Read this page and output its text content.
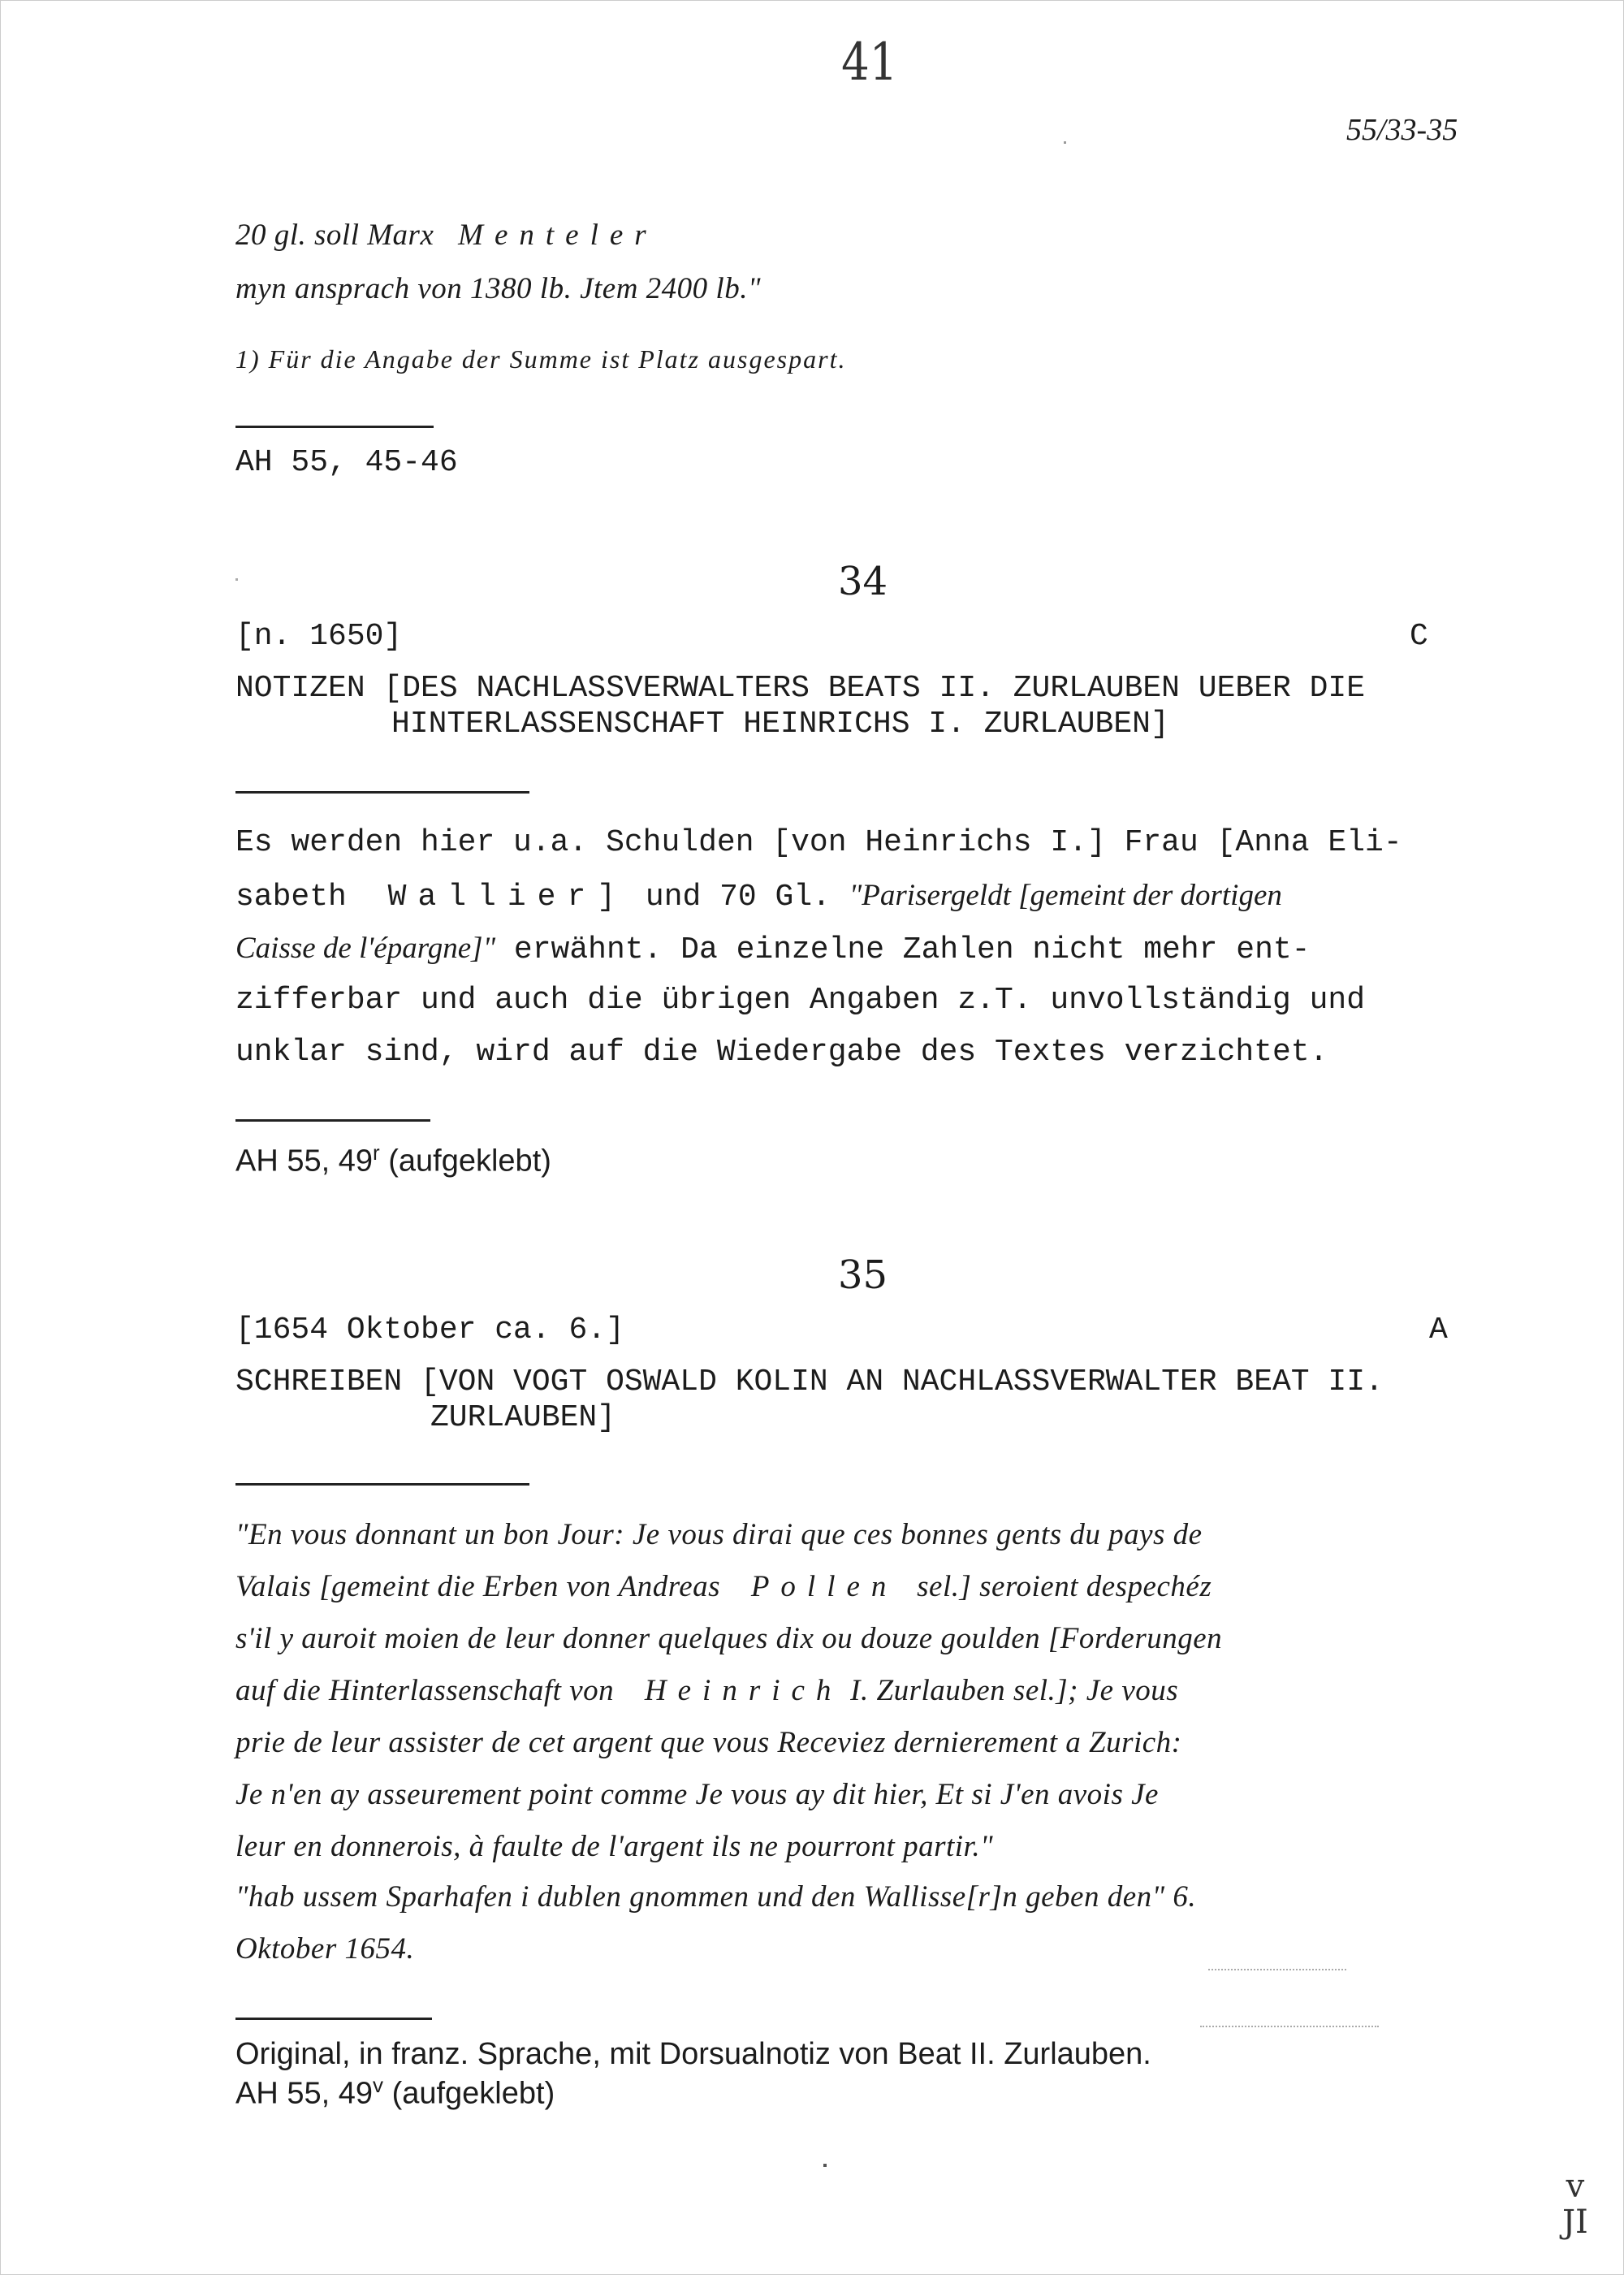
41
55/33-35
20 gl. soll Marx Menteler
myn ansprach von 1380 lb. Jtem 2400 lb."
1) Für die Angabe der Summe ist Platz ausgespart.
AH 55, 45-46
34
[n. 1650]	C
NOTIZEN [DES NACHLASSVERWALTERS BEATS II. ZURLAUBEN UEBER DIE
HINTERLASSENSCHAFT HEINRICHS I. ZURLAUBEN]
Es werden hier u.a. Schulden [von Heinrichs I.] Frau [Anna Eli-
sabeth Wallier] und 70 Gl. "Parisergeldt [gemeint der dortigen
Caisse de l'épargne]" erwähnt. Da einzelne Zahlen nicht mehr ent-
zifferbar und auch die übrigen Angaben z.T. unvollständig und
unklar sind, wird auf die Wiedergabe des Textes verzichtet.
AH 55, 49$^r$ (aufgeklebt)
35
[1654 Oktober ca. 6.]	A
SCHREIBEN [VON VOGT OSWALD KOLIN AN NACHLASSVERWALTER BEAT II.
ZURLAUBEN]
"En vous donnant un bon Jour: Je vous dirai que ces bonnes gents du pays de
Valais [gemeint die Erben von Andreas Pollen sel.] seroient despechéz
s'il y auroit moien de leur donner quelques dix ou douze goulden [Forderungen
auf die Hinterlassenschaft von Heinrich I. Zurlauben sel.]; Je vous
prie de leur assister de cet argent que vous Receviez dernierement a Zurich:
Je n'en ay asseurement point comme Je vous ay dit hier, Et si J'en avois Je
leur en donnerois, à faulte de l'argent ils ne pourront partir."
"hab ussem Sparhafen i dublen gnommen und den Wallisse[r]n geben den" 6.
Oktober 1654.
Original, in franz. Sprache, mit Dorsualnotiz von Beat II. Zurlauben.
AH 55, 49$^v$ (aufgeklebt)
v
JI
